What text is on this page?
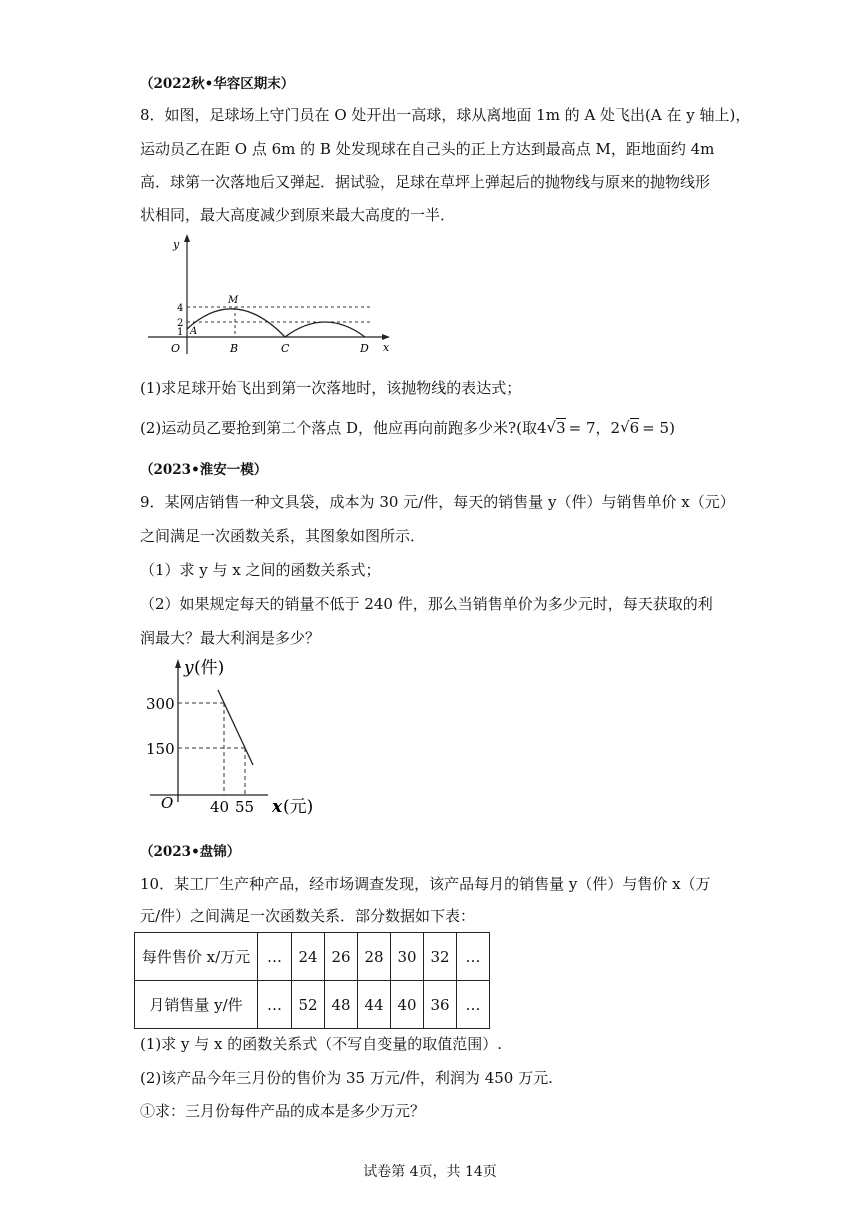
（2022秋•华容区期末）
8．如图，足球场上守门员在 O 处开出一高球，球从离地面 1m 的 A 处飞出(A 在 y 轴上)，
运动员乙在距 O 点 6m 的 B 处发现球在自己头的正上方达到最高点 M，距地面约 4m
高．球第一次落地后又弹起．据试验，足球在草坪上弹起后的抛物线与原来的抛物线形
状相同，最大高度减少到原来最大高度的一半．
y
x
O
4
2
1 A
M
B	C	D
(1)求足球开始飞出到第一次落地时，该抛物线的表达式；
(2)运动员乙要抢到第二个落点 D，他应再向前跑多少米?(取4√3 = 7，2√6 = 5)
（2023•淮安一模）
9．某网店销售一种文具袋，成本为 30 元/件，每天的销售量 y（件）与销售单价 x（元）
之间满足一次函数关系，其图象如图所示．
（1）求 y 与 x 之间的函数关系式；
（2）如果规定每天的销量不低于 240 件，那么当销售单价为多少元时，每天获取的利
润最大？最大利润是多少？
y (件)
300
150
O 40 55 x (元)
（2023•盘锦）
10．某工厂生产种产品，经市场调查发现，该产品每月的销售量 y（件）与售价 x（万
元/件）之间满足一次函数关系．部分数据如下表：
每件售价 x/万元	…	24	26	28	30	32	…
月销售量 y/件	…	52	48	44	40	36	…
(1)求 y 与 x 的函数关系式（不写自变量的取值范围）.
(2)该产品今年三月份的售价为 35 万元/件，利润为 450 万元.
①求：三月份每件产品的成本是多少万元？
试卷第 4页，共 14页
